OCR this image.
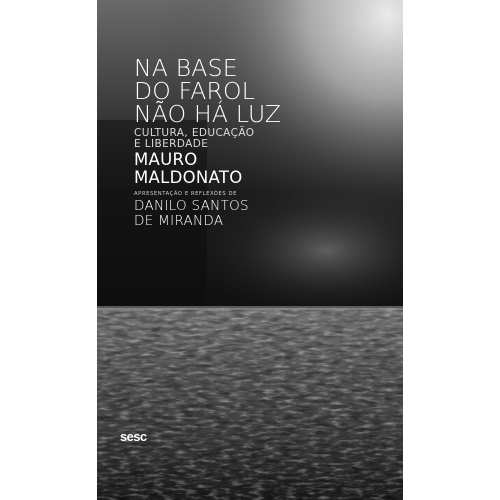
sesc
NA BASE
DO FAROL
NÃO HÁ LUZ

CULTURA, EDUCAÇÃO
E LIBERDADE

MAURO
MALDONATO

APRESENTAÇÃO E REFLEXÕES DE

DANILO SANTOS
DE MIRANDA
